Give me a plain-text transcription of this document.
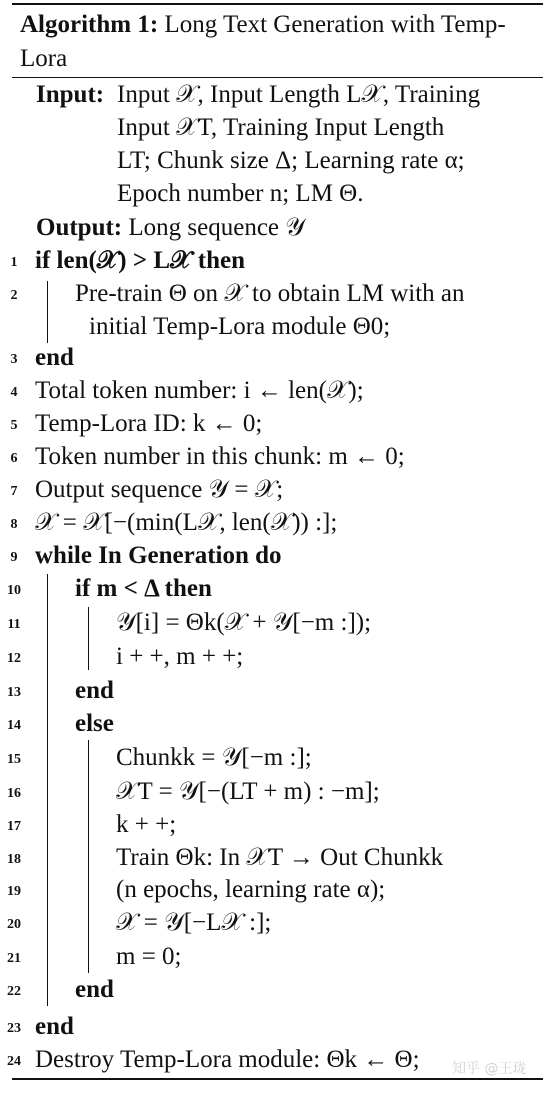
Algorithm 1: Long Text Generation with Temp-Lora
Input: Input 𝒳, Input Length L𝒳, Training
Input 𝒳T, Training Input Length
LT; Chunk size Δ; Learning rate α;
Epoch number n; LM Θ.
Output: Long sequence 𝒴
1 if len(𝒳) > L𝒳 then
2 Pre-train Θ on 𝒳 to obtain LM with an
initial Temp-Lora module Θ0;
3 end
4 Total token number: i ← len(𝒳);
5 Temp-Lora ID: k ← 0;
6 Token number in this chunk: m ← 0;
7 Output sequence 𝒴 = 𝒳;
8 𝒳 = 𝒳[−(min(L𝒳, len(𝒳)) :];
9 while In Generation do
10 if m < Δ then
11	𝒴[i] = Θk(𝒳 + 𝒴[−m :]);
12	i + +, m + +;
13 end
14 else
15	Chunkk = 𝒴[−m :];
16	𝒳T = 𝒴[−(LT + m) : −m];
17	k + +;
18	Train Θk: In 𝒳T → Out Chunkk
19	(n epochs, learning rate α);
20	𝒳 = 𝒴[−L𝒳 :];
21	m = 0;
22 end
23 end
24 Destroy Temp-Lora module: Θk ← Θ; 知乎 @王珑
